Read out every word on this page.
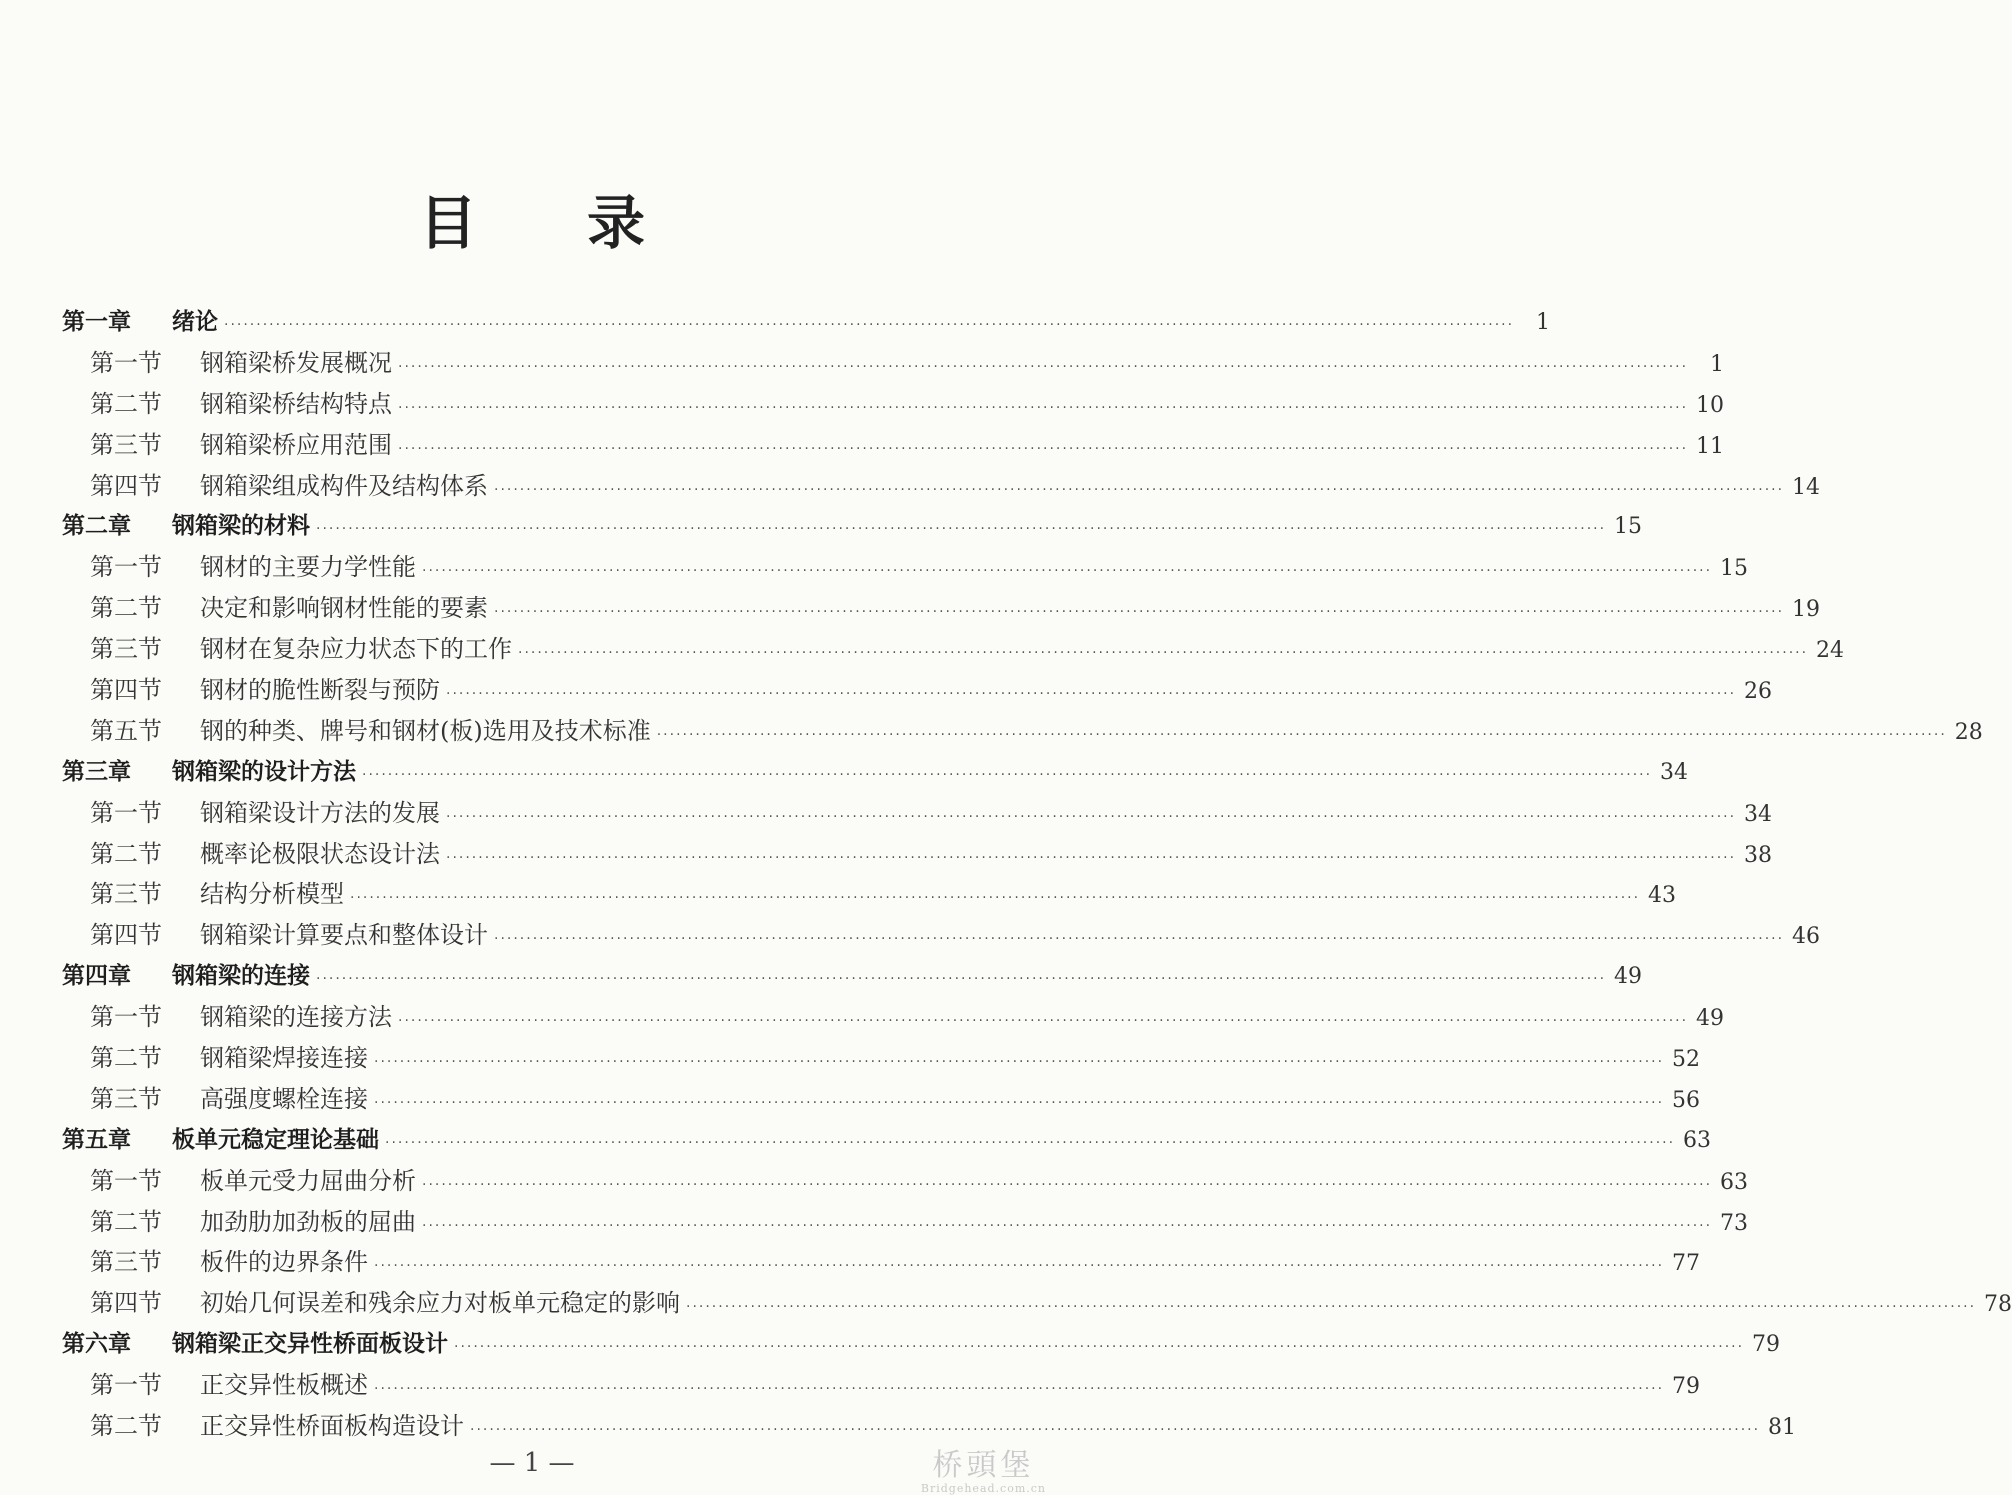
目 录
第一章	绪论 ········································································································································································································	1
第一节	钢箱梁桥发展概况 ········································································································································································································	1
第二节	钢箱梁桥结构特点 ········································································································································································································ 10
第三节	钢箱梁桥应用范围 ········································································································································································································ 11
第四节	钢箱梁组成构件及结构体系 ········································································································································································································ 14
第二章	钢箱梁的材料 ········································································································································································································ 15
第一节	钢材的主要力学性能 ········································································································································································································ 15
第二节	决定和影响钢材性能的要素 ········································································································································································································ 19
第三节	钢材在复杂应力状态下的工作 ········································································································································································································ 24
第四节	钢材的脆性断裂与预防 ········································································································································································································ 26
第五节	钢的种类、牌号和钢材(板)选用及技术标准 ········································································································································································································ 28
第三章	钢箱梁的设计方法 ········································································································································································································ 34
第一节	钢箱梁设计方法的发展 ········································································································································································································ 34
第二节	概率论极限状态设计法 ········································································································································································································ 38
第三节	结构分析模型 ········································································································································································································ 43
第四节	钢箱梁计算要点和整体设计 ········································································································································································································ 46
第四章	钢箱梁的连接 ········································································································································································································ 49
第一节	钢箱梁的连接方法 ········································································································································································································ 49
第二节	钢箱梁焊接连接 ········································································································································································································ 52
第三节	高强度螺栓连接 ········································································································································································································ 56
第五章	板单元稳定理论基础 ········································································································································································································ 63
第一节	板单元受力屈曲分析 ········································································································································································································ 63
第二节	加劲肋加劲板的屈曲 ········································································································································································································ 73
第三节	板件的边界条件 ········································································································································································································ 77
第四节	初始几何误差和残余应力对板单元稳定的影响 ········································································································································································································ 78
第六章	钢箱梁正交异性桥面板设计 ········································································································································································································ 79
第一节	正交异性板概述 ········································································································································································································ 79
第二节	正交异性桥面板构造设计 ········································································································································································································ 81
— 1 —	桥頭堡
Bridgehead.com.cn
